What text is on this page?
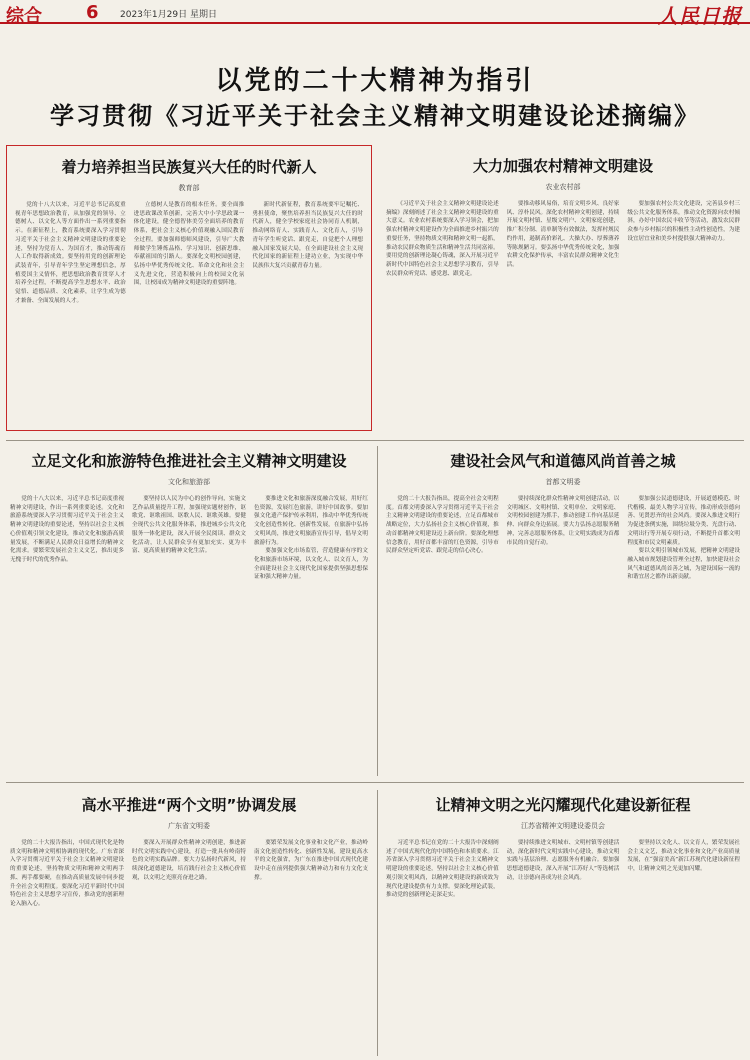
综合 6 2023年1月29日 星期日	人民日报
以党的二十大精神为指引
学习贯彻《习近平关于社会主义精神文明建设论述摘编》
着力培养担当民族复兴大任的时代新人
教育部

党的十八大以来，习近平总书记高度重视青年思想政治教育，从加强党的领导、立德树人、以文化人等方面作出一系列重要指示。在新征程上，教育系统要深入学习贯彻习近平关于社会主义精神文明建设的重要论述，坚持为党育人、为国育才，推动铸魂育人工作取得新成效。要坚持用党的创新理论武装青年，引导青年学生坚定理想信念，厚植爱国主义情怀，把思想政治教育贯穿人才培养全过程，不断提高学生思想水平、政治觉悟、道德品质、文化素养，让学生成为德才兼备、全面发展的人才。

立德树人是教育的根本任务。要全面推进思政课改革创新，完善大中小学思政课一体化建设，健全德智体美劳全面培养的教育体系，把社会主义核心价值观融入国民教育全过程。要加强师德师风建设，引导广大教师做学生锤炼品格、学习知识、创新思维、奉献祖国的引路人。要深化文明校园创建，弘扬中华优秀传统文化、革命文化和社会主义先进文化，营造积极向上的校园文化氛围，让校园成为精神文明建设的重要阵地。

新时代新征程，教育系统要牢记嘱托、勇担使命，聚焦培养担当民族复兴大任的时代新人，健全学校家庭社会协同育人机制，推动网络育人、实践育人、文化育人，引导青年学生听党话、跟党走，自觉把个人理想融入国家发展大局，在全面建设社会主义现代化国家的新征程上建功立业，为实现中华民族伟大复兴贡献青春力量。

大力加强农村精神文明建设
农业农村部

《习近平关于社会主义精神文明建设论述摘编》深刻阐述了社会主义精神文明建设的重大意义。农业农村系统要深入学习领会，把加强农村精神文明建设作为全面推进乡村振兴的重要任务，坚持物质文明和精神文明一起抓，推动农民群众物质生活和精神生活共同富裕。要用党的创新理论凝心铸魂，深入开展习近平新时代中国特色社会主义思想学习教育，引导农民群众听党话、感党恩、跟党走。

要推动移风易俗，培育文明乡风、良好家风、淳朴民风。深化农村精神文明创建，持续开展文明村镇、星级文明户、文明家庭创建，推广积分制、清单制等有效做法，发挥村规民约作用，遏制高价彩礼、大操大办、厚葬薄养等陈规陋习。要弘扬中华优秀传统文化，加强农耕文化保护传承，丰富农民群众精神文化生活。

要加强农村公共文化建设，完善县乡村三级公共文化服务体系，推动文化资源向农村倾斜，办好中国农民丰收节等活动，激发农民群众参与乡村振兴的积极性主动性创造性，为建设宜居宜业和美乡村提供强大精神动力。

立足文化和旅游特色推进社会主义精神文明建设
文化和旅游部

党的十八大以来，习近平总书记高度重视精神文明建设，作出一系列重要论述。文化和旅游系统要深入学习贯彻习近平关于社会主义精神文明建设的重要论述，坚持以社会主义核心价值观引领文化建设，推动文化和旅游高质量发展，不断满足人民群众日益增长的精神文化需求。要繁荣发展社会主义文艺，推出更多无愧于时代的优秀作品。

要坚持以人民为中心的创作导向，实施文艺作品质量提升工程，加强现实题材创作，讴歌党、讴歌祖国、讴歌人民、讴歌英雄。要健全现代公共文化服务体系，推进城乡公共文化服务一体化建设，深入开展全民阅读、群众文化活动，让人民群众享有更加充实、更为丰富、更高质量的精神文化生活。

要推进文化和旅游深度融合发展，用好红色资源，发展红色旅游，讲好中国故事。要加强文化遗产保护传承利用，推动中华优秀传统文化创造性转化、创新性发展，在旅游中弘扬文明风尚，推进文明旅游宣传引导，倡导文明旅游行为。

要加强文化市场监管，营造健康有序的文化和旅游市场环境，以文化人、以文育人，为全面建设社会主义现代化国家提供坚强思想保证和强大精神力量。

建设社会风气和道德风尚首善之城
首都文明委

党的二十大报告指出，提高全社会文明程度。首都文明委深入学习贯彻习近平关于社会主义精神文明建设的重要论述，立足首都城市战略定位，大力弘扬社会主义核心价值观，推动首都精神文明建设迈上新台阶。要深化理想信念教育，用好首都丰富的红色资源，引导市民群众坚定听党话、跟党走的信心决心。

要持续深化群众性精神文明创建活动，以文明城区、文明村镇、文明单位、文明家庭、文明校园创建为抓手，推动创建工作向基层延伸、向群众身边拓展。要大力弘扬志愿服务精神，完善志愿服务体系，让文明实践成为首都市民的自觉行动。

要加强公民道德建设，开展道德模范、时代楷模、最美人物学习宣传，推动形成崇德向善、见贤思齐的社会风尚。要深入推进文明行为促进条例实施，围绕垃圾分类、光盘行动、文明出行等开展专项行动，不断提升首都文明程度和市民文明素质。

要以文明引领城市发展，把精神文明建设融入城市规划建设管理全过程，加快建设社会风气和道德风尚首善之城，为建设国际一流的和谐宜居之都作出新贡献。

高水平推进“两个文明”协调发展
广东省文明委

党的二十大报告指出，中国式现代化是物质文明和精神文明相协调的现代化。广东省深入学习贯彻习近平关于社会主义精神文明建设的重要论述，坚持物质文明和精神文明两手抓、两手都要硬，在推动高质量发展中同步提升全社会文明程度。要深化习近平新时代中国特色社会主义思想学习宣传，推动党的创新理论入脑入心。

要深入开展群众性精神文明创建，推进新时代文明实践中心建设，打造一批具有岭南特色的文明实践品牌。要大力弘扬时代新风，持续深化道德建设，培育践行社会主义核心价值观，以文明之光照亮奋进之路。

要繁荣发展文化事业和文化产业，推动岭南文化创造性转化、创新性发展，建设更高水平的文化强省，为广东在推进中国式现代化建设中走在前列提供强大精神动力和有力文化支撑。

让精神文明之光闪耀现代化建设新征程
江苏省精神文明建设委员会

习近平总书记在党的二十大报告中深刻阐述了中国式现代化的中国特色和本质要求。江苏省深入学习贯彻习近平关于社会主义精神文明建设的重要论述，坚持以社会主义核心价值观引领文明风尚，以精神文明建设的新成效为现代化建设提供有力支撑。要深化理论武装，推动党的创新理论走深走实。

要持续推进文明城市、文明村镇等创建活动，深化新时代文明实践中心建设，推动文明实践与基层治理、志愿服务有机融合。要加强思想道德建设，深入开展“江苏好人”等选树活动，让崇德向善成为社会风尚。

要坚持以文化人、以文育人，繁荣发展社会主义文艺，推动文化事业和文化产业高质量发展，在“强富美高”新江苏现代化建设新征程中，让精神文明之光更加闪耀。
